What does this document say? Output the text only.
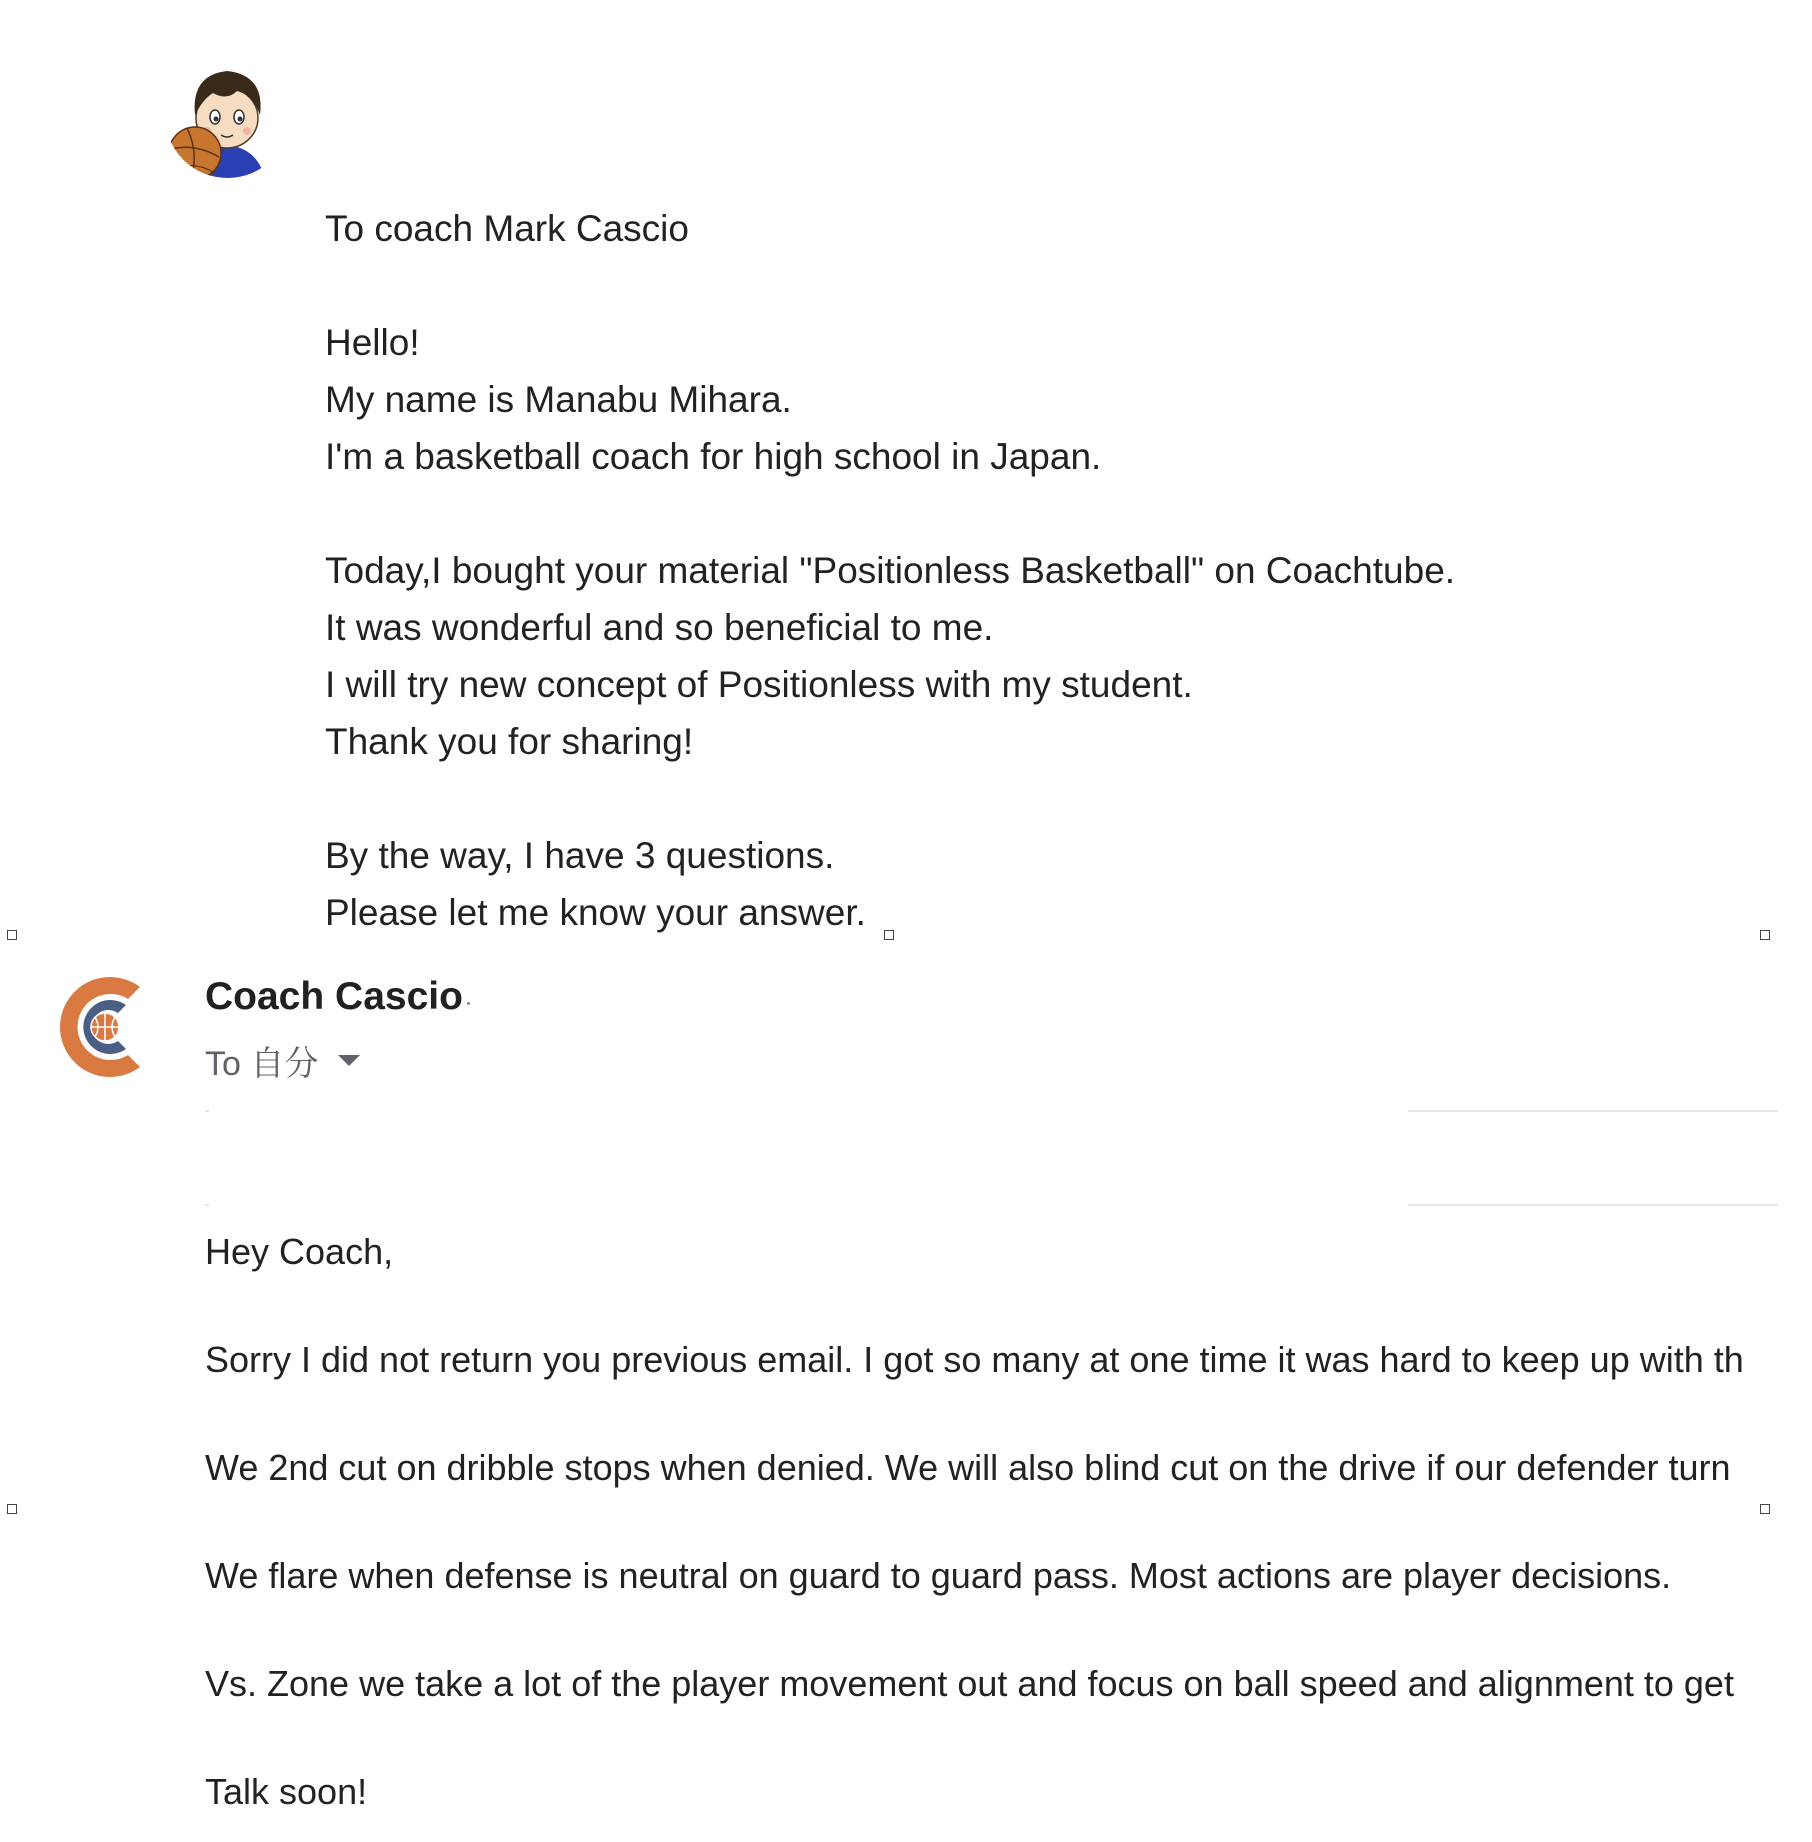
To coach Mark Cascio
Hello!
My name is Manabu Mihara.
I'm a basketball coach for high school in Japan.
Today,I bought your material "Positionless Basketball" on Coachtube.
It was wonderful and so beneficial to me.
I will try new concept of Positionless with my student.
Thank you for sharing!
By the way, I have 3 questions.
Please let me know your answer.
Coach Cascio
To 自分
Hey Coach,
Sorry I did not return you previous email. I got so many at one time it was hard to keep up with th
We 2nd cut on dribble stops when denied. We will also blind cut on the drive if our defender turn
We flare when defense is neutral on guard to guard pass. Most actions are player decisions.
Vs. Zone we take a lot of the player movement out and focus on ball speed and alignment to get
Talk soon!
